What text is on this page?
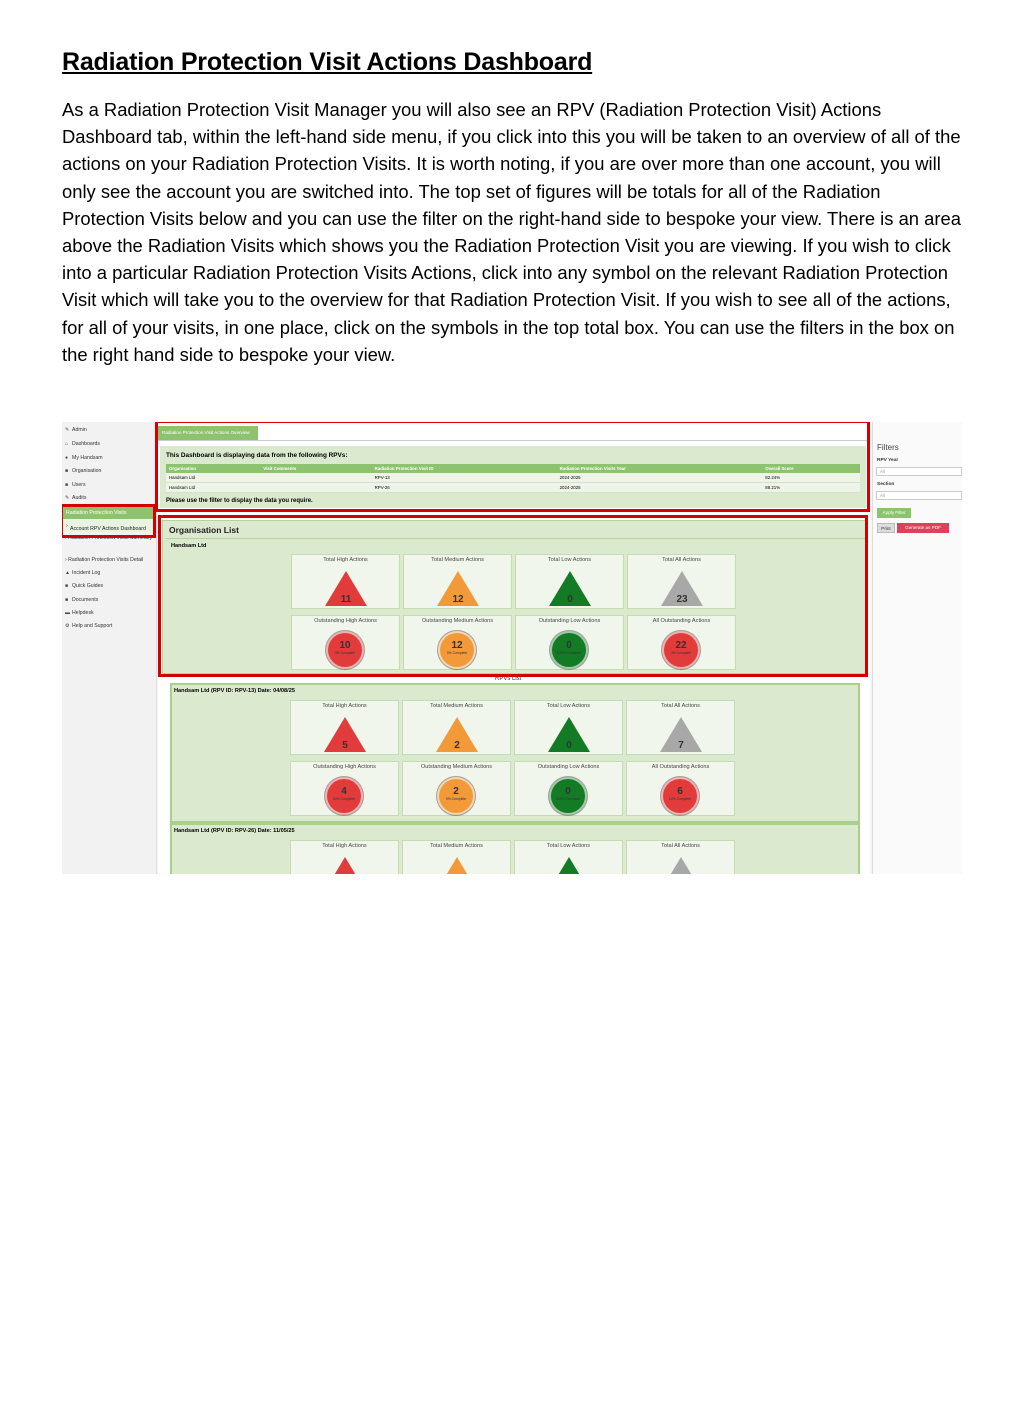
Radiation Protection Visit Actions Dashboard

As a Radiation Protection Visit Manager you will also see an RPV (Radiation Protection Visit) Actions Dashboard tab, within the left-hand side menu, if you click into this you will be taken to an overview of all of the actions on your Radiation Protection Visits. It is worth noting, if you are over more than one account, you will only see the account you are switched into. The top set of figures will be totals for all of the Radiation Protection Visits below and you can use the filter on the right-hand side to bespoke your view. There is an area above the Radiation Visits which shows you the Radiation Protection Visit you are viewing. If you wish to click into a particular Radiation Protection Visits Actions, click into any symbol on the relevant Radiation Protection Visit which will take you to the overview for that Radiation Protection Visit. If you wish to see all of the actions, for all of your visits, in one place, click on the symbols in the top total box. You can use the filters in the box on the right hand side to bespoke your view.

✎ Admin
⌂ Dashboards
● My Handsam
■ Organisation
■ Users
✎ Audits
Radiation Protection Visits
› Account RPV Actions Dashboard
› Radiation Protection Visits Summary
› Radiation Protection Visits Detail
▲ Incident Log
■ Quick Guides
■ Documents
▬ Helpdesk
⚙ Help and Support
Radiation Protection Visit Actions Overview
This Dashboard is displaying data from the following RPVs:
Organisation	Visit Comments	Radiation Protection Visit ID	Radiation Protection Visits Year	Overall Score
Handsam Ltd		RPV-13	2024-2025	82.24%
Handsam Ltd		RPV-26	2024-2025	88.21%
Please use the filter to display the data you require.
Organisation List
Handsam Ltd
Total High Actions
11
Total Medium Actions
12
Total Low Actions
0
Total All Actions
23
Outstanding High Actions
10
9% Complete
Outstanding Medium Actions
12
0% Complete
Outstanding Low Actions
0
100% Complete
All Outstanding Actions
22
4% Complete
RPVs List
Handsam Ltd (RPV ID: RPV-13) Date: 04/08/25
Total High Actions
5
Total Medium Actions
2
Total Low Actions
0
Total All Actions
7
Outstanding High Actions
4
20% Complete
Outstanding Medium Actions
2
0% Complete
Outstanding Low Actions
0
100% Complete
All Outstanding Actions
6
14% Complete
Handsam Ltd (RPV ID: RPV-26) Date: 11/05/25
Total High Actions	Total Medium Actions	Total Low Actions	Total All Actions
Filters
RPV Year
All
Section
All
Apply Filter
Print	Generate as PDF
